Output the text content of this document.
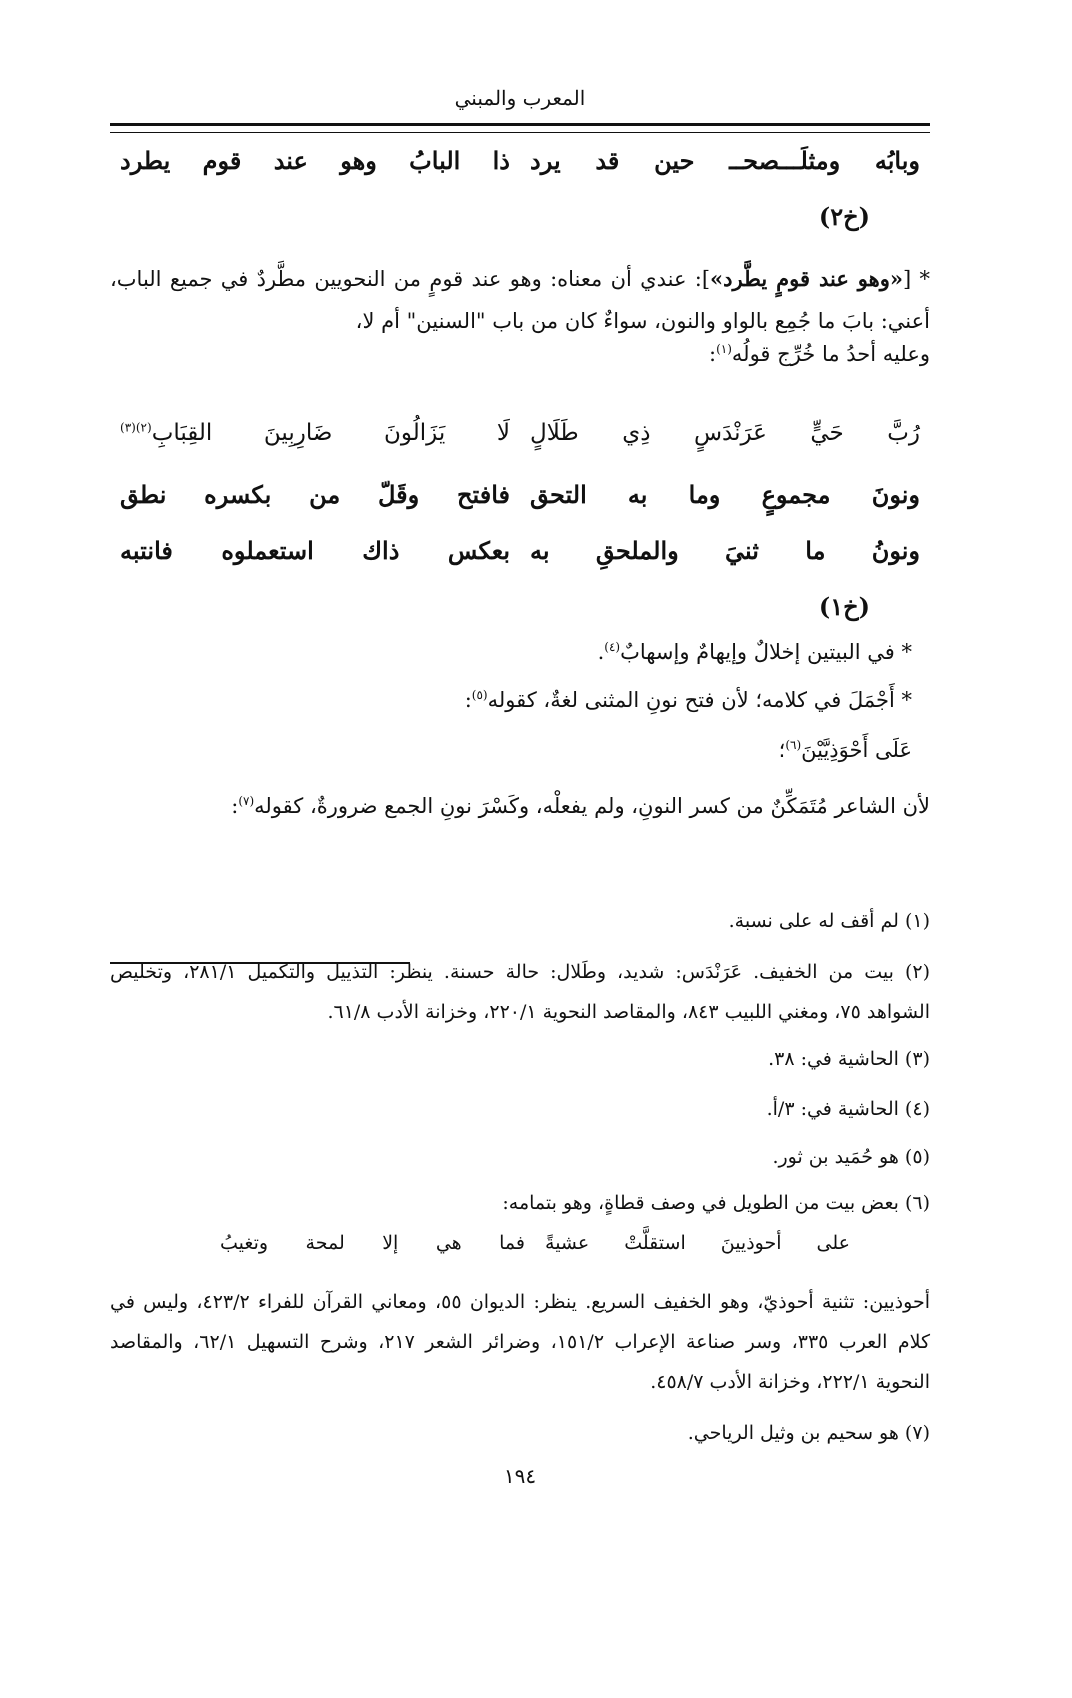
المعرب والمبني
وبابُه
ومثلَـــصحــ
حين
قد
يرد
ذا
البابُ
وهو
عند
قوم
يطرد
(خ٢)
* [«وهو عند قومٍ يطَّرد»]: عندي أن معناه: وهو عند قومٍ من النحويين مطَّردٌ في جميع الباب، أعني: بابَ ما جُمِع بالواو والنون، سواءٌ كان من باب "السنين" أم لا،
وعليه أحدُ ما خُرِّج قولُه$^{(١)}$:
رُبَّ
حَيٍّ
عَرَنْدَسٍ
ذِي
طَلَالٍ
لَا
يَزَالُونَ
ضَارِبِينَ
القِبَابِ$^{(٢)(٣)}$
ونونَ
مجموعٍ
وما
به
التحق
فافتح
وقَلّ
من
بكسره
نطق
ونونُ
ما
ثنيَ
والملحقِ
به
بعكس
ذاك
استعملوه
فانتبه
(خ١)
* في البيتين إخلالٌ وإيهامٌ وإسهابٌ$^{(٤)}$.
* أَجْمَلَ في كلامه؛ لأن فتح نونِ المثنى لغةٌ، كقوله$^{(٥)}$:
عَلَى أَحْوَذِيَّيْنَ$^{(٦)}$؛
لأن الشاعر مُتَمَكِّنٌ من كسر النونِ، ولم يفعلْه، وكَسْرَ نونِ الجمع ضرورةٌ، كقوله$^{(٧)}$:
(١) لم أقف له على نسبة.
(٢) بيت من الخفيف. عَرَنْدَس: شديد، وطَلال: حالة حسنة. ينظر: التذييل والتكميل ٢٨١/١، وتخليص الشواهد ٧٥، ومغني اللبيب ٨٤٣، والمقاصد النحوية ٢٢٠/١، وخزانة الأدب ٦١/٨.
(٣) الحاشية في: ٣٨.
(٤) الحاشية في: ٣/أ.
(٥) هو حُمَيد بن ثور.
(٦) بعض بيت من الطويل في وصف قطاةٍ، وهو بتمامه:
على
أحوذيينَ
استقلَّتْ
عشيةً
فما
هي
إلا
لمحة
وتغيبُ
أحوذيين: تثنية أحوذيّ، وهو الخفيف السريع. ينظر: الديوان ٥٥، ومعاني القرآن للفراء ٤٢٣/٢، وليس في كلام العرب ٣٣٥، وسر صناعة الإعراب ١٥١/٢، وضرائر الشعر ٢١٧، وشرح التسهيل ٦٢/١، والمقاصد النحوية ٢٢٢/١، وخزانة الأدب ٤٥٨/٧.
(٧) هو سحيم بن وثيل الرياحي.
١٩٤
